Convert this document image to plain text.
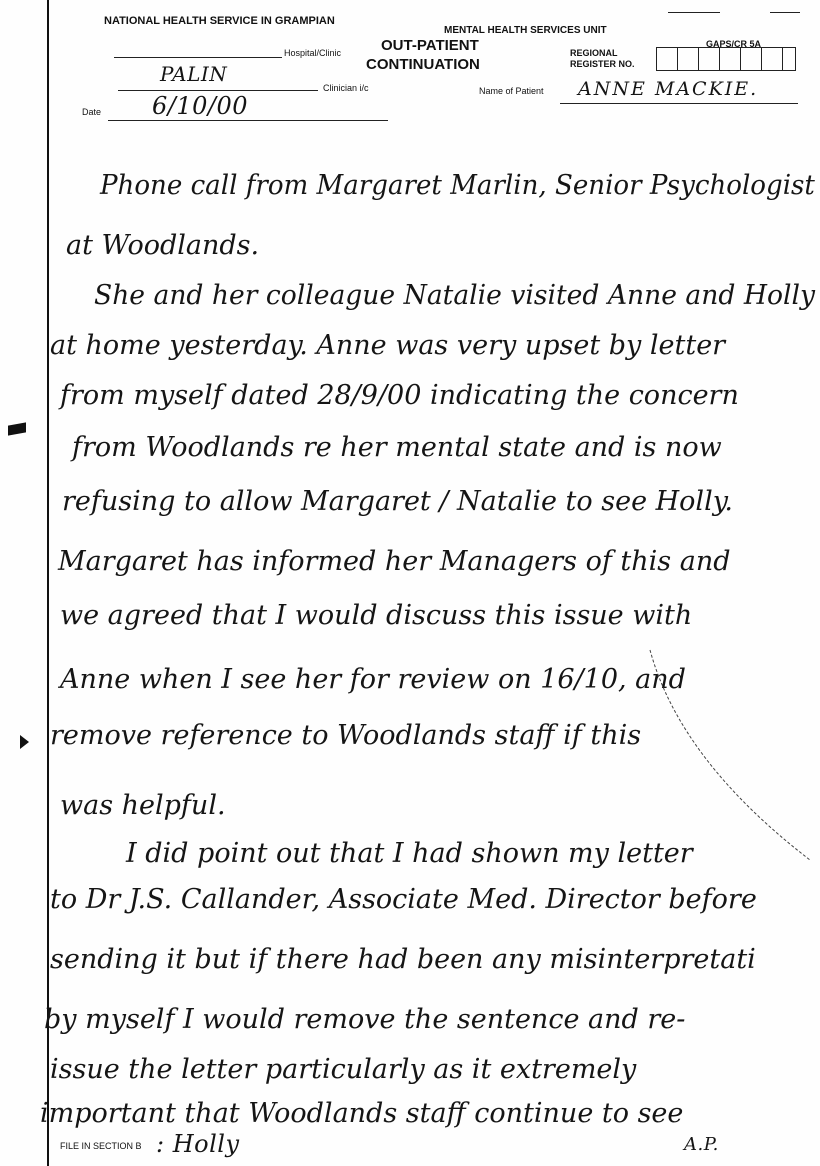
NATIONAL HEALTH SERVICE IN GRAMPIAN
MENTAL HEALTH SERVICES UNIT
GAPS/CR 5A
OUT-PATIENT
CONTINUATION
Hospital/Clinic
Clinician i/c
Date
REGIONAL
REGISTER NO.
Name of Patient
PALIN
6/10/00
ANNE MACKIE.
Phone call from Margaret Marlin, Senior Psychologist
at Woodlands.
She and her colleague Natalie visited Anne and Holly
at home yesterday. Anne was very upset by letter
from myself dated 28/9/00 indicating the concern
from Woodlands re her mental state and is now
refusing to allow Margaret / Natalie to see Holly.
Margaret has informed her Managers of this and
we agreed that I would discuss this issue with
Anne when I see her for review on 16/10, and
remove reference to Woodlands staff if this
was helpful.
I did point out that I had shown my letter
to Dr J.S. Callander, Associate Med. Director before
sending it but if there had been any misinterpretati
by myself I would remove the sentence and re-
issue the letter particularly as it extremely
important that Woodlands staff continue to see
FILE IN SECTION B : Holly	A.P.
